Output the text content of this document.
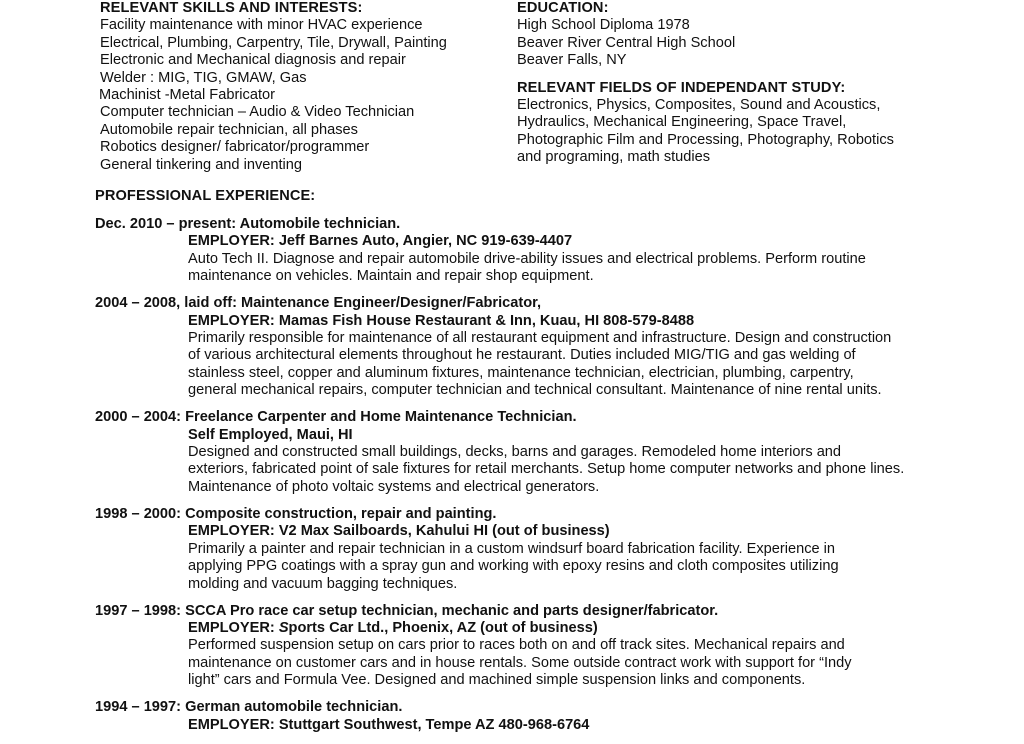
RELEVANT SKILLS AND INTERESTS:
Facility maintenance with minor HVAC experience
Electrical, Plumbing, Carpentry, Tile, Drywall, Painting
Electronic and Mechanical diagnosis and repair
Welder : MIG, TIG, GMAW, Gas
Machinist -Metal Fabricator
Computer technician – Audio & Video Technician
Automobile repair technician, all phases
Robotics designer/ fabricator/programmer
General tinkering and inventing
EDUCATION:
High School Diploma 1978
Beaver River Central High School
Beaver Falls, NY
RELEVANT FIELDS OF INDEPENDANT STUDY:
Electronics, Physics, Composites, Sound and Acoustics,
Hydraulics, Mechanical Engineering, Space Travel,
Photographic Film and Processing, Photography, Robotics
and programing, math studies
PROFESSIONAL EXPERIENCE:
Dec. 2010 – present: Automobile technician.
EMPLOYER: Jeff Barnes Auto, Angier, NC 919-639-4407
Auto Tech II. Diagnose and repair automobile drive-ability issues and electrical problems. Perform routine
maintenance on vehicles. Maintain and repair shop equipment.
2004 – 2008, laid off: Maintenance Engineer/Designer/Fabricator,
EMPLOYER: Mamas Fish House Restaurant & Inn, Kuau, HI 808-579-8488
Primarily responsible for maintenance of all restaurant equipment and infrastructure. Design and construction
of various architectural elements throughout he restaurant. Duties included MIG/TIG and gas welding of
stainless steel, copper and aluminum fixtures, maintenance technician, electrician, plumbing, carpentry,
general mechanical repairs, computer technician and technical consultant. Maintenance of nine rental units.
2000 – 2004: Freelance Carpenter and Home Maintenance Technician.
Self Employed, Maui, HI
Designed and constructed small buildings, decks, barns and garages. Remodeled home interiors and
exteriors, fabricated point of sale fixtures for retail merchants. Setup home computer networks and phone lines.
Maintenance of photo voltaic systems and electrical generators.
1998 – 2000: Composite construction, repair and painting.
EMPLOYER: V2 Max Sailboards, Kahului HI (out of business)
Primarily a painter and repair technician in a custom windsurf board fabrication facility. Experience in
applying PPG coatings with a spray gun and working with epoxy resins and cloth composites utilizing
molding and vacuum bagging techniques.
1997 – 1998: SCCA Pro race car setup technician, mechanic and parts designer/fabricator.
EMPLOYER: Sports Car Ltd., Phoenix, AZ (out of business)
Performed suspension setup on cars prior to races both on and off track sites. Mechanical repairs and
maintenance on customer cars and in house rentals. Some outside contract work with support for “Indy
light” cars and Formula Vee. Designed and machined simple suspension links and components.
1994 – 1997: German automobile technician.
EMPLOYER: Stuttgart Southwest, Tempe AZ 480-968-6764
